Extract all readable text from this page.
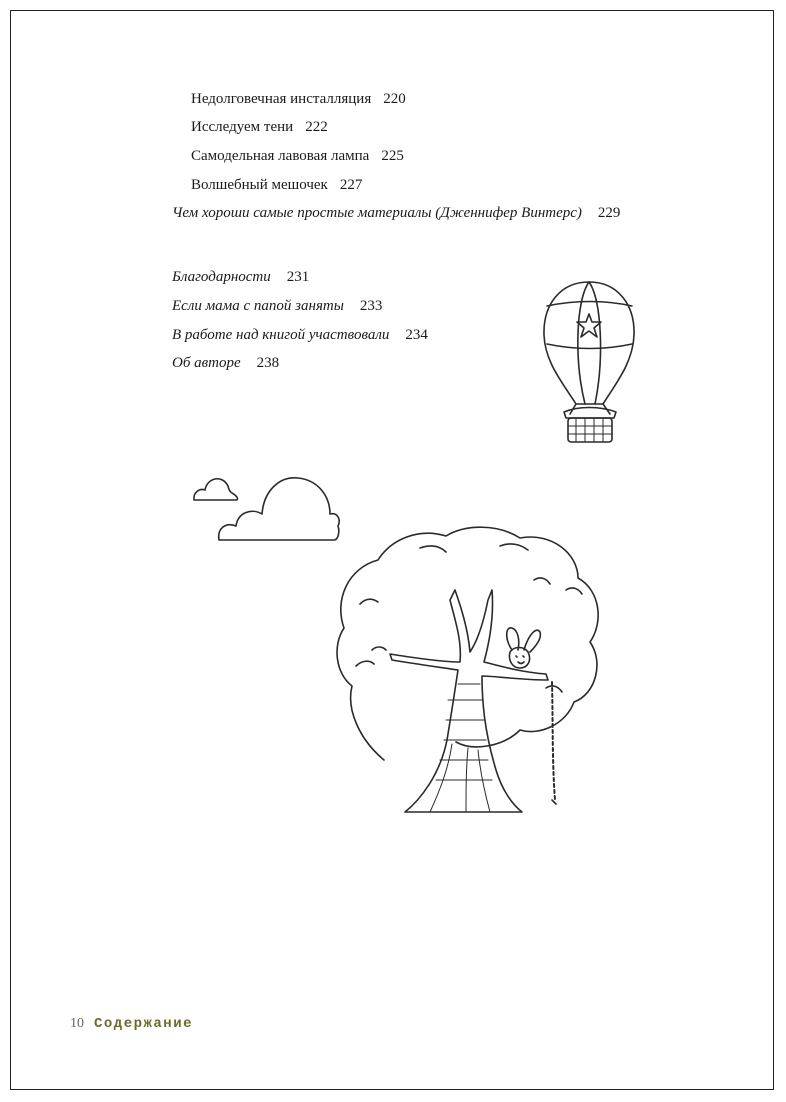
Недолговечная инсталляция 220
Исследуем тени 222
Самодельная лавовая лампа 225
Волшебный мешочек 227
Чем хороши самые простые материалы (Дженнифер Винтерс) 229
Благодарности 231
Если мама с папой заняты 233
В работе над книгой участвовали 234
Об авторе 238
10 Содержание
